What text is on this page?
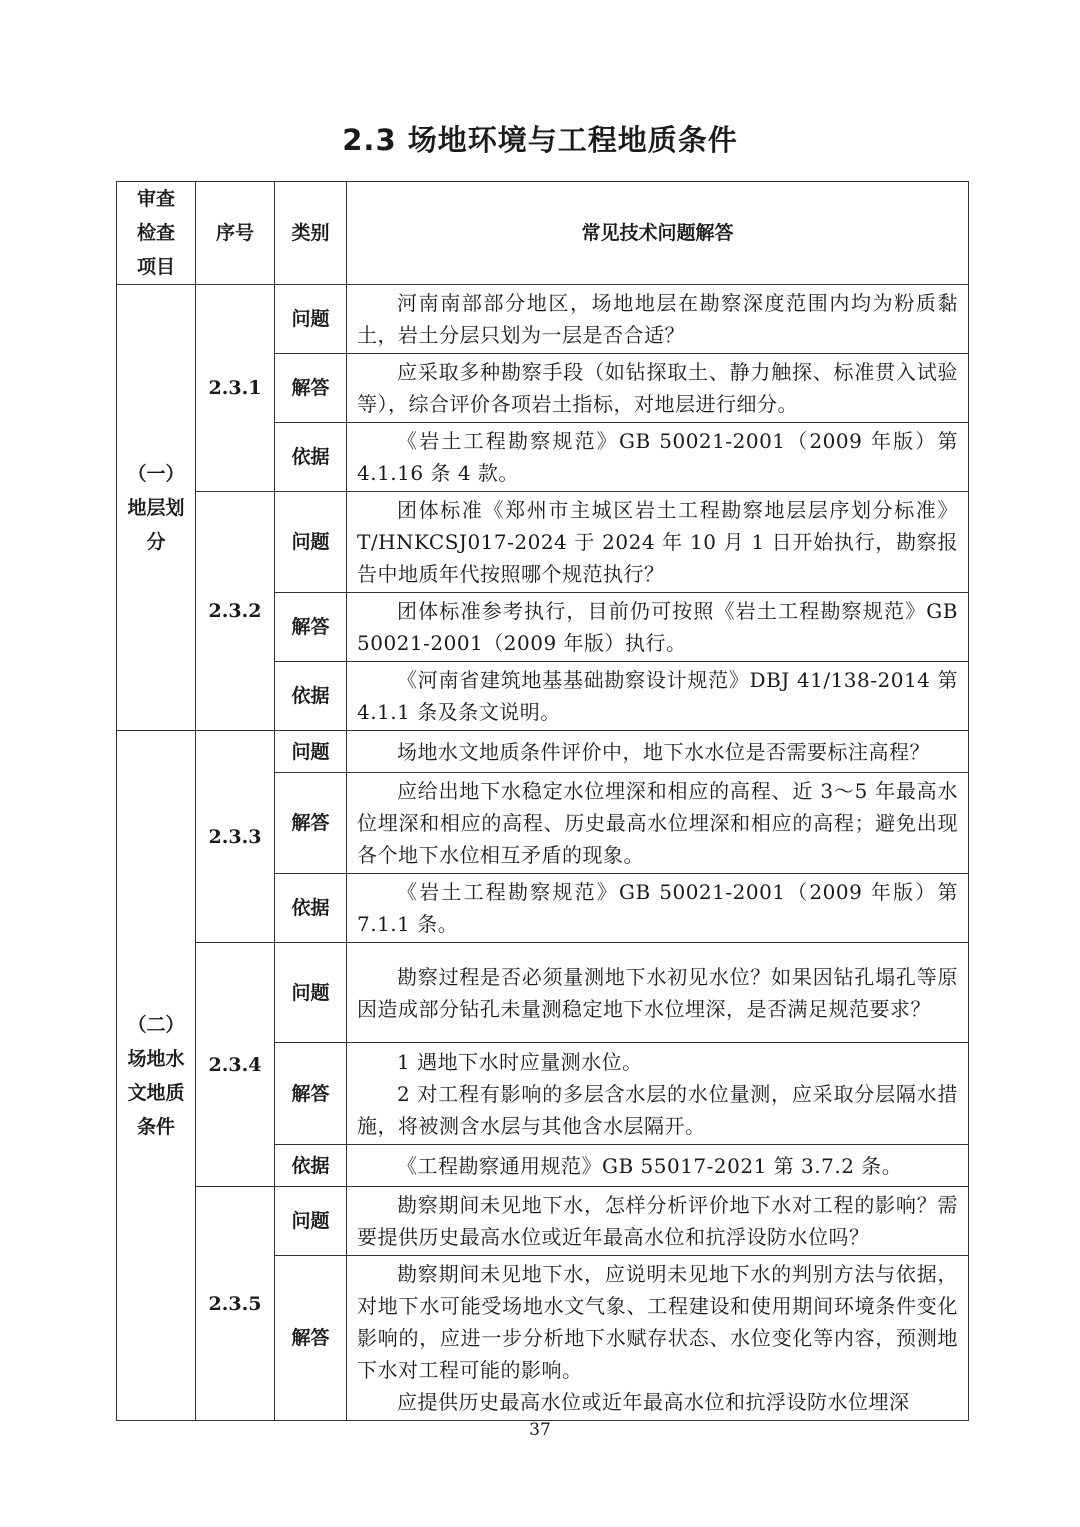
2.3 场地环境与工程地质条件
审查
检查
项目	序号	类别	常见技术问题解答

（一）
地层划
分	2.3.1	问题	河南南部部分地区，场地地层在勘察深度范围内均为粉质黏土，岩土分层只划为一层是否合适？

		解答	应采取多种勘察手段（如钻探取土、静力触探、标准贯入试验等），综合评价各项岩土指标，对地层进行细分。

		依据	《岩土工程勘察规范》GB 50021-2001（2009 年版）第 4.1.16 条 4 款。

	2.3.2	问题	团体标准《郑州市主城区岩土工程勘察地层层序划分标准》T/HNKCSJ017-2024 于 2024 年 10 月 1 日开始执行，勘察报告中地质年代按照哪个规范执行？

		解答	团体标准参考执行，目前仍可按照《岩土工程勘察规范》GB 50021-2001（2009 年版）执行。

		依据	《河南省建筑地基基础勘察设计规范》DBJ 41/138-2014 第 4.1.1 条及条文说明。

（二）
场地水
文地质
条件	2.3.3	问题	场地水文地质条件评价中，地下水水位是否需要标注高程？

		解答	应给出地下水稳定水位埋深和相应的高程、近 3～5 年最高水位埋深和相应的高程、历史最高水位埋深和相应的高程；避免出现各个地下水位相互矛盾的现象。

		依据	《岩土工程勘察规范》GB 50021-2001（2009 年版）第 7.1.1 条。

	2.3.4	问题	勘察过程是否必须量测地下水初见水位？如果因钻孔塌孔等原因造成部分钻孔未量测稳定地下水位埋深，是否满足规范要求？

		解答	1 遇地下水时应量测水位。

2 对工程有影响的多层含水层的水位量测，应采取分层隔水措施，将被测含水层与其他含水层隔开。

		依据	《工程勘察通用规范》GB 55017-2021 第 3.7.2 条。

	2.3.5	问题	勘察期间未见地下水，怎样分析评价地下水对工程的影响？需要提供历史最高水位或近年最高水位和抗浮设防水位吗？

		解答	勘察期间未见地下水，应说明未见地下水的判别方法与依据，对地下水可能受场地水文气象、工程建设和使用期间环境条件变化影响的，应进一步分析地下水赋存状态、水位变化等内容，预测地下水对工程可能的影响。

应提供历史最高水位或近年最高水位和抗浮设防水位埋深

37
